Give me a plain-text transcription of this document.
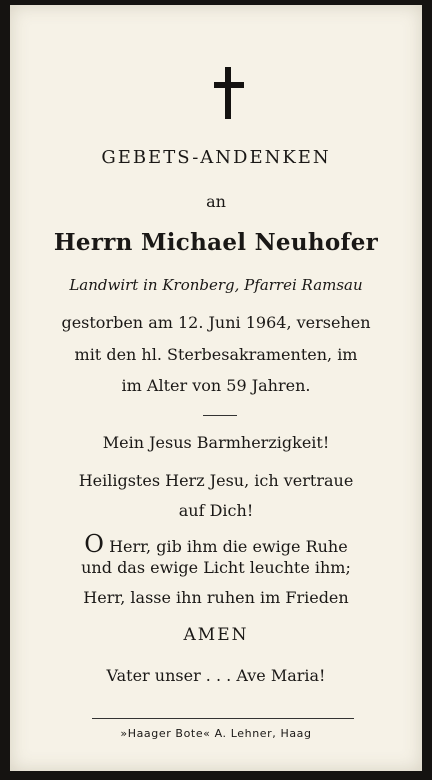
GEBETS-ANDENKEN
an
Herrn Michael Neuhofer
Landwirt in Kronberg, Pfarrei Ramsau
gestorben am 12. Juni 1964, versehen
mit den hl. Sterbesakramenten, im
im Alter von 59 Jahren.
Mein Jesus Barmherzigkeit!
Heiligstes Herz Jesu, ich vertraue
auf Dich!
O Herr, gib ihm die ewige Ruhe
und das ewige Licht leuchte ihm;
Herr, lasse ihn ruhen im Frieden
AMEN
Vater unser . . . Ave Maria!
»Haager Bote« A. Lehner, Haag
